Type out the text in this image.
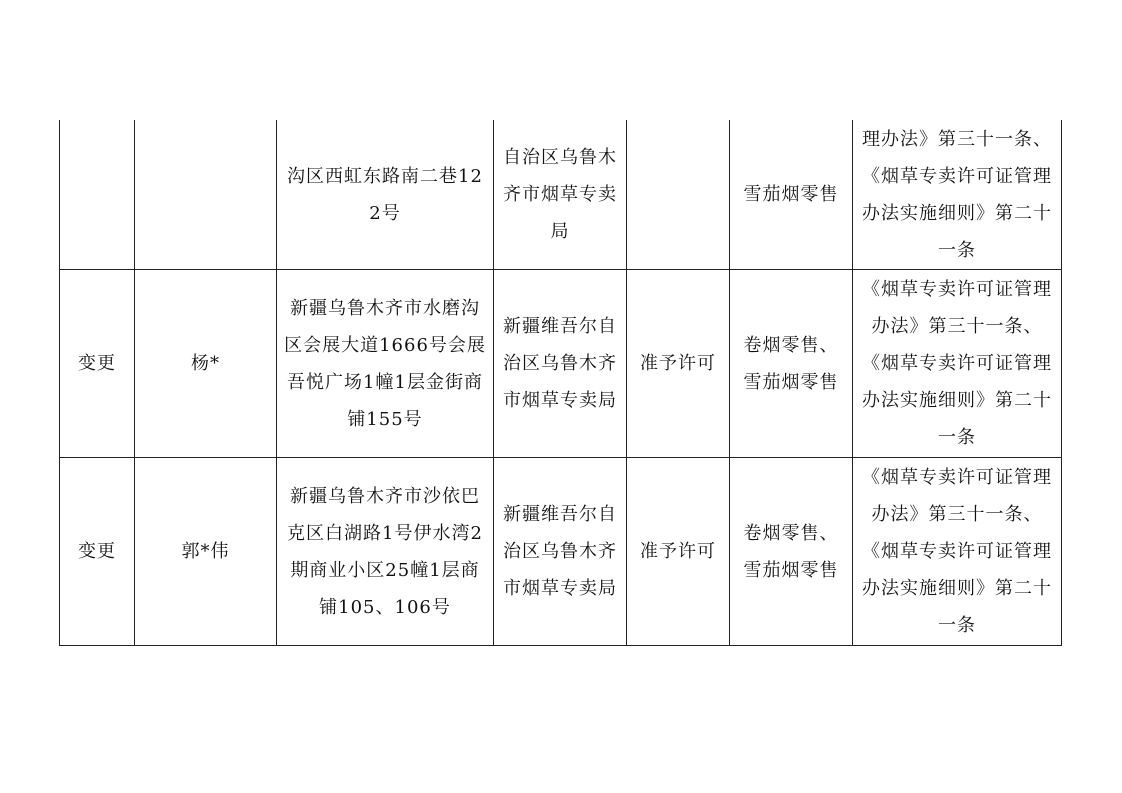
		沟区西虹东路南二巷122号	自治区乌鲁木齐市烟草专卖局		雪茄烟零售	理办法》第三十一条、《烟草专卖许可证管理办法实施细则》第二十一条
变更	杨*	新疆乌鲁木齐市水磨沟区会展大道1666号会展吾悦广场1幢1层金街商铺155号	新疆维吾尔自治区乌鲁木齐市烟草专卖局	准予许可	卷烟零售、雪茄烟零售	《烟草专卖许可证管理办法》第三十一条、《烟草专卖许可证管理办法实施细则》第二十一条
变更	郭*伟	新疆乌鲁木齐市沙依巴克区白湖路1号伊水湾2期商业小区25幢1层商铺105、106号	新疆维吾尔自治区乌鲁木齐市烟草专卖局	准予许可	卷烟零售、雪茄烟零售	《烟草专卖许可证管理办法》第三十一条、《烟草专卖许可证管理办法实施细则》第二十一条
